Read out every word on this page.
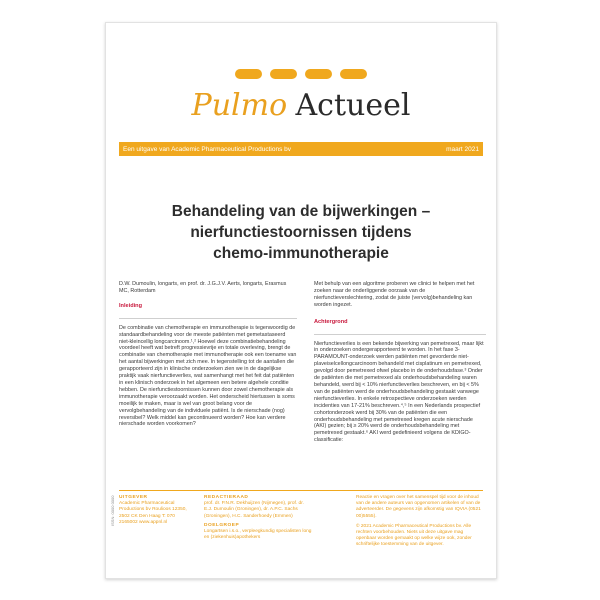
Pulmo Actueel
Een uitgave van Academic Pharmaceutical Productions bv	maart 2021
Behandeling van de bijwerkingen –
nierfunctiestoornissen tijdens
chemo-immunotherapie

D.W. Dumoulin, longarts, en prof. dr. J.G.J.V. Aerts, longarts, Erasmus MC, Rotterdam

Inleiding

De combinatie van chemotherapie en immunotherapie is tegenwoordig de standaardbehandeling voor de meeste patiënten met gemetastaseerd niet-kleincellig longcarcinoom.¹,² Hoewel deze combinatiebehandeling voordeel heeft wat betreft progressievrije en totale overleving, brengt de combinatie van chemotherapie met immunotherapie ook een toename van het aantal bijwerkingen met zich mee. In tegenstelling tot de aantallen die gerapporteerd zijn in klinische onderzoeken zien we in de dagelijkse praktijk vaak nierfunctieverlies, wat samenhangt met het feit dat patiënten in een klinisch onderzoek in het algemeen een betere algehele conditie hebben. De nierfunctiestoornissen kunnen door zowel chemotherapie als immunotherapie veroorzaakt worden. Het onderscheid hiertussen is soms moeilijk te maken, maar is wel van groot belang voor de vervolgbehandeling van de individuele patiënt. Is de nierschade (nog) reversibel? Welk middel kan gecontinueerd worden? Hoe kan verdere nierschade worden voorkomen?

Met behulp van een algoritme proberen we clinici te helpen met het zoeken naar de onderliggende oorzaak van de nierfunctieverslechtering, zodat de juiste (vervolg)behandeling kan worden ingezet.

Achtergrond

Nierfunctieverlies is een bekende bijwerking van pemetrexed, maar lijkt in onderzoeken ondergerapporteerd te worden. In het fase 3-PARAMOUNT-onderzoek werden patiënten met gevorderde niet-plaveiselcellongcarcinoom behandeld met cisplatinum en pemetrexed, gevolgd door pemetrexed ofwel placebo in de onderhoudsfase.³ Onder de patiënten die met pemetrexed als onderhoudsbehandeling waren behandeld, werd bij < 10% nierfunctieverlies beschreven, en bij < 5% van de patiënten werd de onderhoudsbehandeling gestaakt vanwege nierfunctieverlies. In enkele retrospectieve onderzoeken werden incidenties van 17-21% beschreven.⁴,⁵ In een Nederlands prospectief cohortonderzoek werd bij 30% van de patiënten die een onderhoudsbehandeling met pemetrexed kregen acute nierschade (AKI) gezien; bij ≥ 20% werd de onderhoudsbehandeling met pemetrexed gestaakt.⁶ AKI werd gedefinieerd volgens de KDIGO-classificatie:

UITGEVER

Academic Pharmaceutical Productions bv Roulioos 12350, 2502 CK Den Haag T: 070 2165002 www.appnl.nl

REDACTIERAAD

prof. dr. P.N.R. Dekhuijzen (Nijmegen), prof. dr. E.J. Dumoulin (Groningen), dr. A.P.C. Sachs (Groningen), H.C. Sanderhoedy (Emmen)

DOELGROEP

Longartsen i.s.o., verpleegkundig specialisten long en (ziekenhuis)apothekers

Reactie en vragen over het samenspel tijd voor de inhoud van de andere auteurs van opgenomen artikelen of van de adverteerder. De gegevens zijn afkomstig van IQVIA (0521 00)5555).

© 2021 Academic Pharmaceutical Productions bv. Alle rechten voorbehouden. Niets uit deze uitgave mag openbaar worden gemaakt op welke wijze ook, zonder schriftelijke toestemming van de uitgever.

ISSN: 0000 0000
